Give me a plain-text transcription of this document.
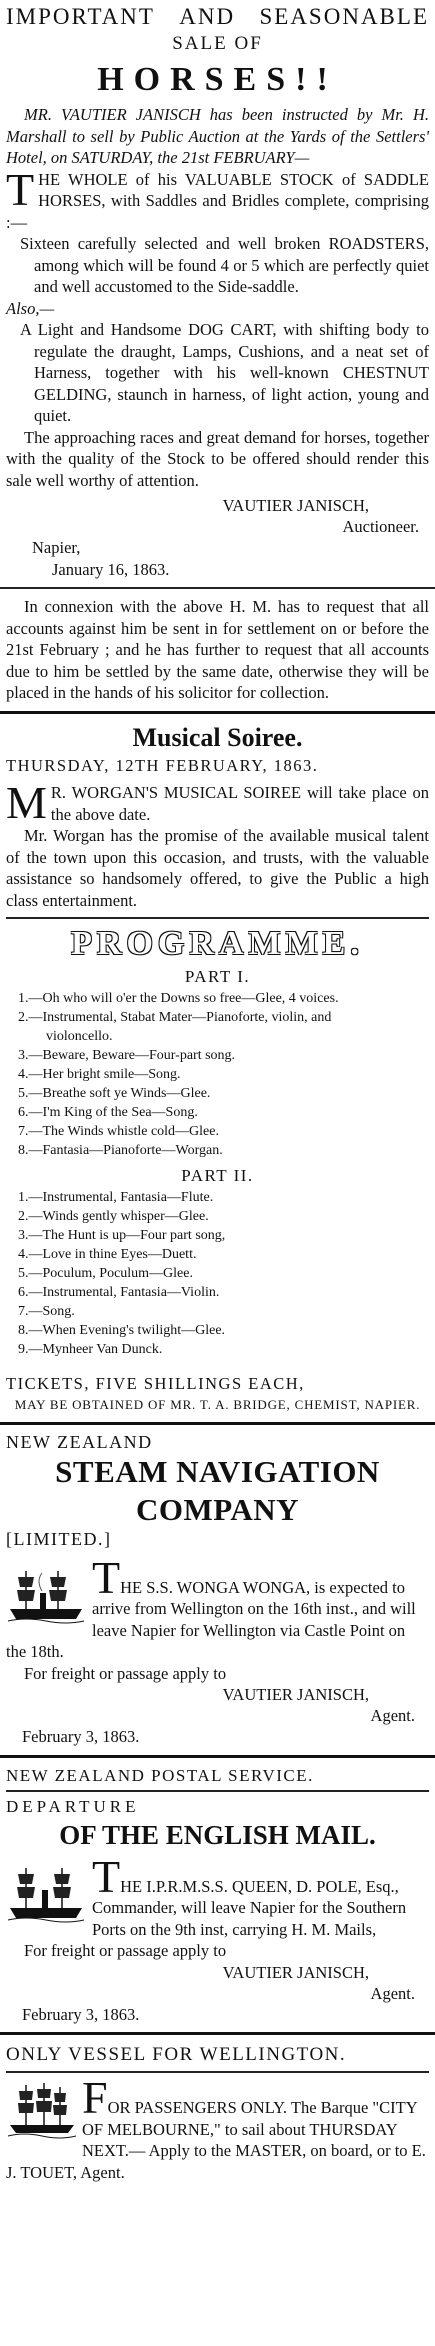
IMPORTANT AND SEASONABLE
SALE OF
HORSES!!

MR. VAUTIER JANISCH has been instructed by Mr. H. Marshall to sell by Public Auction at the Yards of the Settlers' Hotel, on SATURDAY, the 21st FEBRUARY—

T HE WHOLE of his VALUABLE STOCK of SADDLE HORSES, with Saddles and Bridles complete, comprising :—

Sixteen carefully selected and well broken ROADSTERS, among which will be found 4 or 5 which are perfectly quiet and well accustomed to the Side-saddle.

Also,—

A Light and Handsome DOG CART, with shifting body to regulate the draught, Lamps, Cushions, and a neat set of Harness, together with his well-known CHESTNUT GELDING, staunch in harness, of light action, young and quiet.

The approaching races and great demand for horses, together with the quality of the Stock to be offered should render this sale well worthy of attention.

VAUTIER JANISCH,
Auctioneer.
Napier,
January 16, 1863.

In connexion with the above H. M. has to request that all accounts against him be sent in for settlement on or before the 21st February ; and he has further to request that all accounts due to him be settled by the same date, otherwise they will be placed in the hands of his solicitor for collection.

Musical Soiree.
THURSDAY, 12TH FEBRUARY, 1863.
M R. WORGAN'S MUSICAL SOIREE will take place on the above date.

Mr. Worgan has the promise of the available musical talent of the town upon this occasion, and trusts, with the valuable assistance so handsomely offered, to give the Public a high class entertainment.

PROGRAMME.
PART I.
1.—Oh who will o'er the Downs so free—Glee, 4 voices.
2.—Instrumental, Stabat Mater—Pianoforte, violin, and
violoncello.
3.—Beware, Beware—Four-part song.
4.—Her bright smile—Song.
5.—Breathe soft ye Winds—Glee.
6.—I'm King of the Sea—Song.
7.—The Winds whistle cold—Glee.
8.—Fantasia—Pianoforte—Worgan.
PART II.
1.—Instrumental, Fantasia—Flute.
2.—Winds gently whisper—Glee.
3.—The Hunt is up—Four part song,
4.—Love in thine Eyes—Duett.
5.—Poculum, Poculum—Glee.
6.—Instrumental, Fantasia—Violin.
7.—Song.
8.—When Evening's twilight—Glee.
9.—Mynheer Van Dunck.
TICKETS, FIVE SHILLINGS EACH,
MAY BE OBTAINED OF MR. T. A. BRIDGE, CHEMIST, NAPIER.
NEW ZEALAND
STEAM NAVIGATION COMPANY
[LIMITED.]
THE S.S. WONGA WONGA, is expected to arrive from Wellington on the 16th inst., and will leave Napier for Wellington via Castle Point on the 18th.
For freight or passage apply to
VAUTIER JANISCH,
Agent.
February 3, 1863.
NEW ZEALAND POSTAL SERVICE.
DEPARTURE
OF THE ENGLISH MAIL.
THE I.P.R.M.S.S. QUEEN, D. POLE, Esq., Commander, will leave Napier for the Southern Ports on the 9th inst, carrying H. M. Mails,
For freight or passage apply to
VAUTIER JANISCH,
Agent.
February 3, 1863.
ONLY VESSEL FOR WELLINGTON.
FOR PASSENGERS ONLY. The Barque "CITY OF MELBOURNE," to sail about THURSDAY NEXT.— Apply to the MASTER, on board, or to E. J. TOUET, Agent.
